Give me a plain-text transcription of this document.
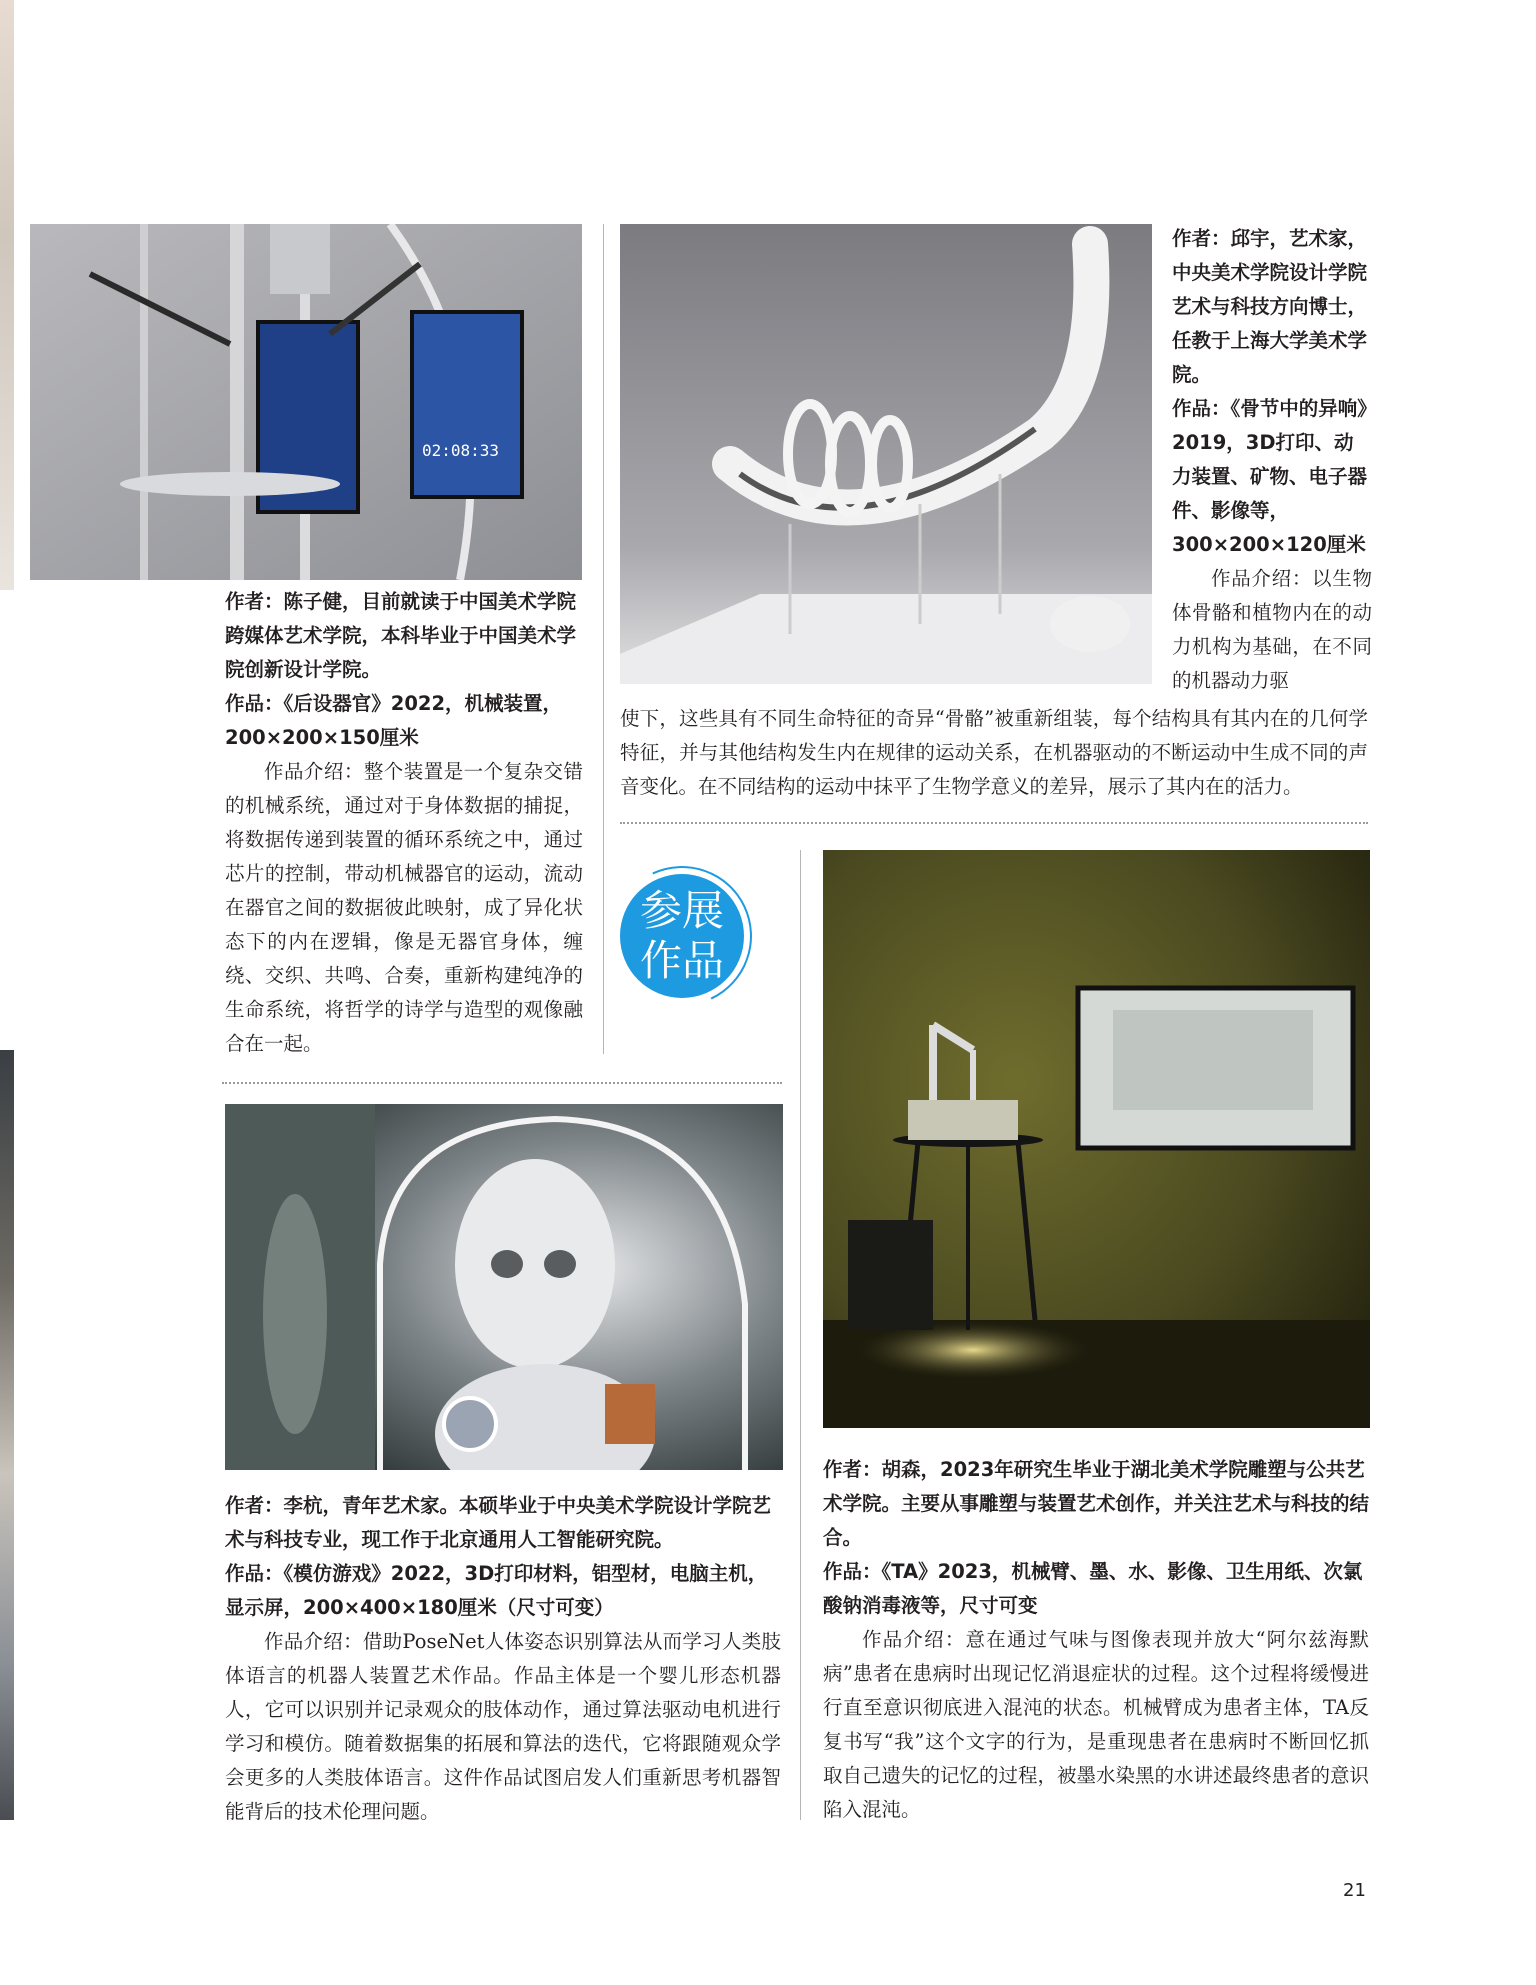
02:08:33

作者：陈子健，目前就读于中国美术学院跨媒体艺术学院，本科毕业于中国美术学院创新设计学院。

作品：《后设器官》2022，机械装置，200×200×150厘米

作品介绍：整个装置是一个复杂交错的机械系统，通过对于身体数据的捕捉，将数据传递到装置的循环系统之中，通过芯片的控制，带动机械器官的运动，流动在器官之间的数据彼此映射，成了异化状态下的内在逻辑，像是无器官身体，缠绕、交织、共鸣、合奏，重新构建纯净的生命系统，将哲学的诗学与造型的观像融合在一起。

作者：邱宇，艺术家，中央美术学院设计学院艺术与科技方向博士，任教于上海大学美术学院。

作品：《骨节中的异响》2019，3D打印、动力装置、矿物、电子器件、影像等，300×200×120厘米

作品介绍：以生物体骨骼和植物内在的动力机构为基础，在不同的机器动力驱

使下，这些具有不同生命特征的奇异“骨骼”被重新组装，每个结构具有其内在的几何学特征，并与其他结构发生内在规律的运动关系，在机器驱动的不断运动中生成不同的声音变化。在不同结构的运动中抹平了生物学意义的差异，展示了其内在的活力。
参展
作品

作者：李杭，青年艺术家。本硕毕业于中央美术学院设计学院艺术与科技专业，现工作于北京通用人工智能研究院。

作品：《模仿游戏》2022，3D打印材料，铝型材，电脑主机，显示屏，200×400×180厘米（尺寸可变）

作品介绍：借助PoseNet人体姿态识别算法从而学习人类肢体语言的机器人装置艺术作品。作品主体是一个婴儿形态机器人，它可以识别并记录观众的肢体动作，通过算法驱动电机进行学习和模仿。随着数据集的拓展和算法的迭代，它将跟随观众学会更多的人类肢体语言。这件作品试图启发人们重新思考机器智能背后的技术伦理问题。

作者：胡森，2023年研究生毕业于湖北美术学院雕塑与公共艺术学院。主要从事雕塑与装置艺术创作，并关注艺术与科技的结合。

作品：《TA》2023，机械臂、墨、水、影像、卫生用纸、次氯酸钠消毒液等，尺寸可变

作品介绍：意在通过气味与图像表现并放大“阿尔兹海默病”患者在患病时出现记忆消退症状的过程。这个过程将缓慢进行直至意识彻底进入混沌的状态。机械臂成为患者主体，TA反复书写“我”这个文字的行为，是重现患者在患病时不断回忆抓取自己遗失的记忆的过程，被墨水染黑的水讲述最终患者的意识陷入混沌。

21
